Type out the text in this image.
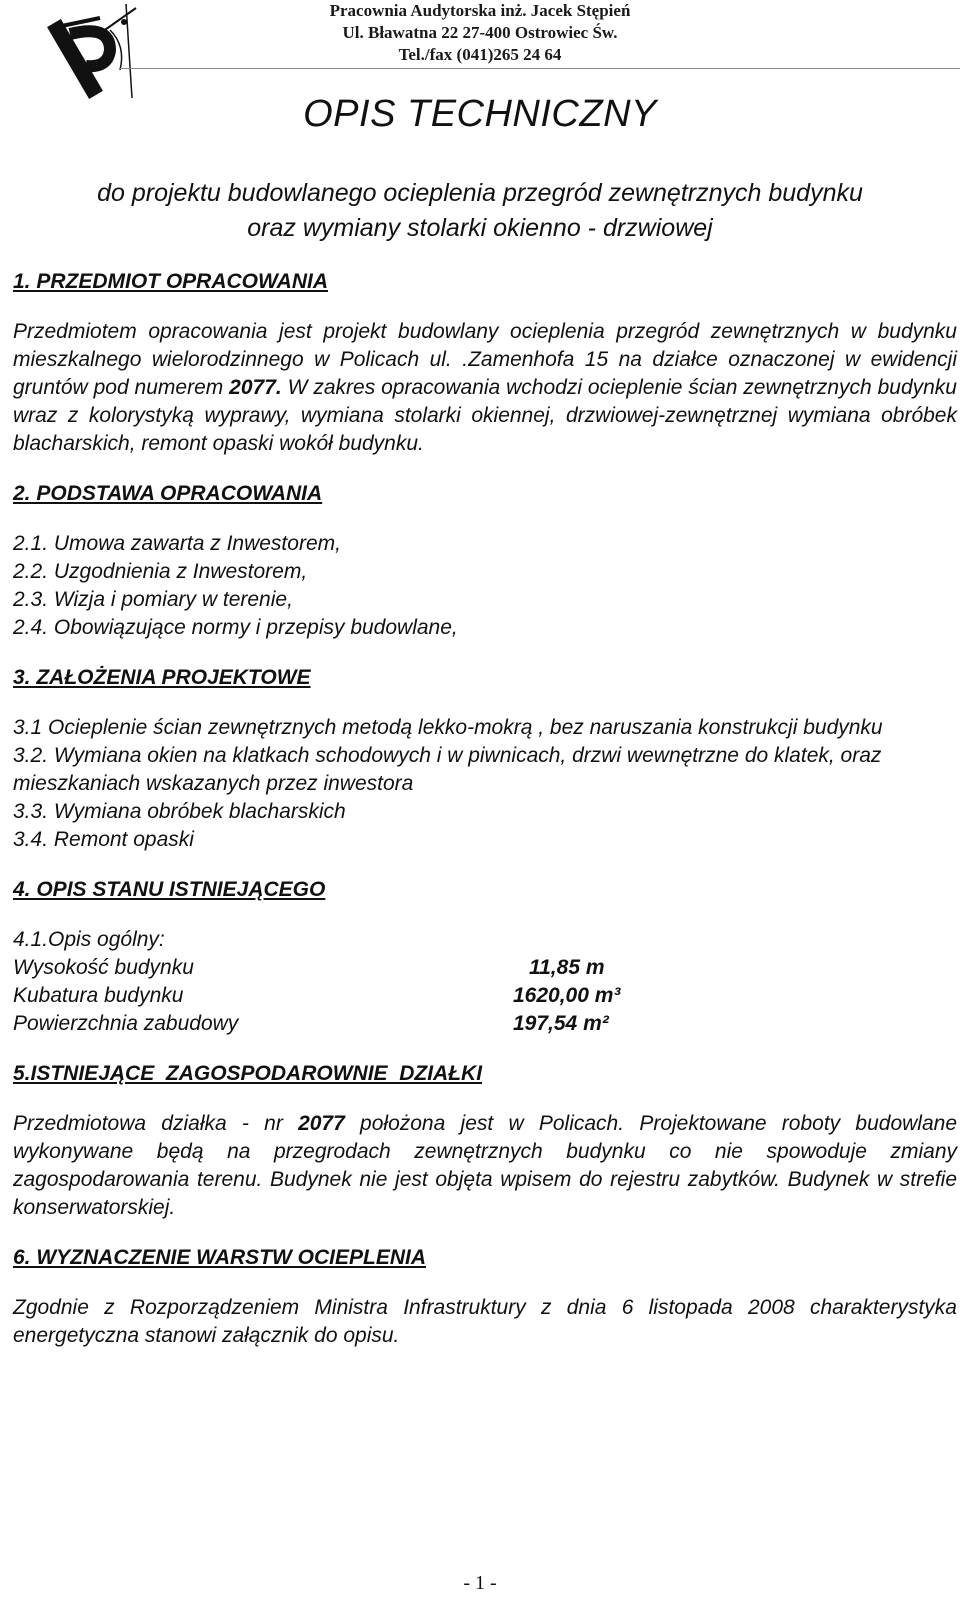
Pracownia Audytorska inż. Jacek Stępień
Ul. Bławatna 22 27-400 Ostrowiec Św.
Tel./fax (041)265 24 64
OPIS TECHNICZNY
do projektu budowlanego ocieplenia przegród zewnętrznych budynku
oraz wymiany stolarki okienno - drzwiowej

1. PRZEDMIOT OPRACOWANIA

Przedmiotem opracowania jest projekt budowlany ocieplenia przegród zewnętrznych w budynku mieszkalnego wielorodzinnego w Policach ul. .Zamenhofa 15 na działce oznaczonej w ewidencji gruntów pod numerem 2077. W zakres opracowania wchodzi ocieplenie ścian zewnętrznych budynku wraz z kolorystyką wyprawy, wymiana stolarki okiennej, drzwiowej-zewnętrznej wymiana obróbek blacharskich, remont opaski wokół budynku.

2. PODSTAWA OPRACOWANIA

2.1. Umowa zawarta z Inwestorem,

2.2. Uzgodnienia z Inwestorem,

2.3. Wizja i pomiary w terenie,

2.4. Obowiązujące normy i przepisy budowlane,

3. ZAŁOŻENIA PROJEKTOWE

3.1 Ocieplenie ścian zewnętrznych metodą lekko-mokrą , bez naruszania konstrukcji budynku

3.2. Wymiana okien na klatkach schodowych i w piwnicach, drzwi wewnętrzne do klatek, oraz mieszkaniach wskazanych przez inwestora

3.3. Wymiana obróbek blacharskich

3.4. Remont opaski

4. OPIS STANU ISTNIEJĄCEGO

4.1.Opis ogólny:

Wysokość budynku	11,85 m
Kubatura budynku	1620,00 m³
Powierzchnia zabudowy	197,54 m²

5.ISTNIEJĄCE  ZAGOSPODAROWNIE  DZIAŁKI

Przedmiotowa działka - nr 2077 położona jest w Policach. Projektowane roboty budowlane wykonywane będą na przegrodach zewnętrznych budynku co nie spowoduje zmiany zagospodarowania terenu. Budynek nie jest objęta wpisem do rejestru zabytków. Budynek w strefie konserwatorskiej.

6. WYZNACZENIE WARSTW OCIEPLENIA

Zgodnie z Rozporządzeniem Ministra Infrastruktury z dnia 6 listopada 2008 charakterystyka energetyczna stanowi załącznik do opisu.

- 1 -
